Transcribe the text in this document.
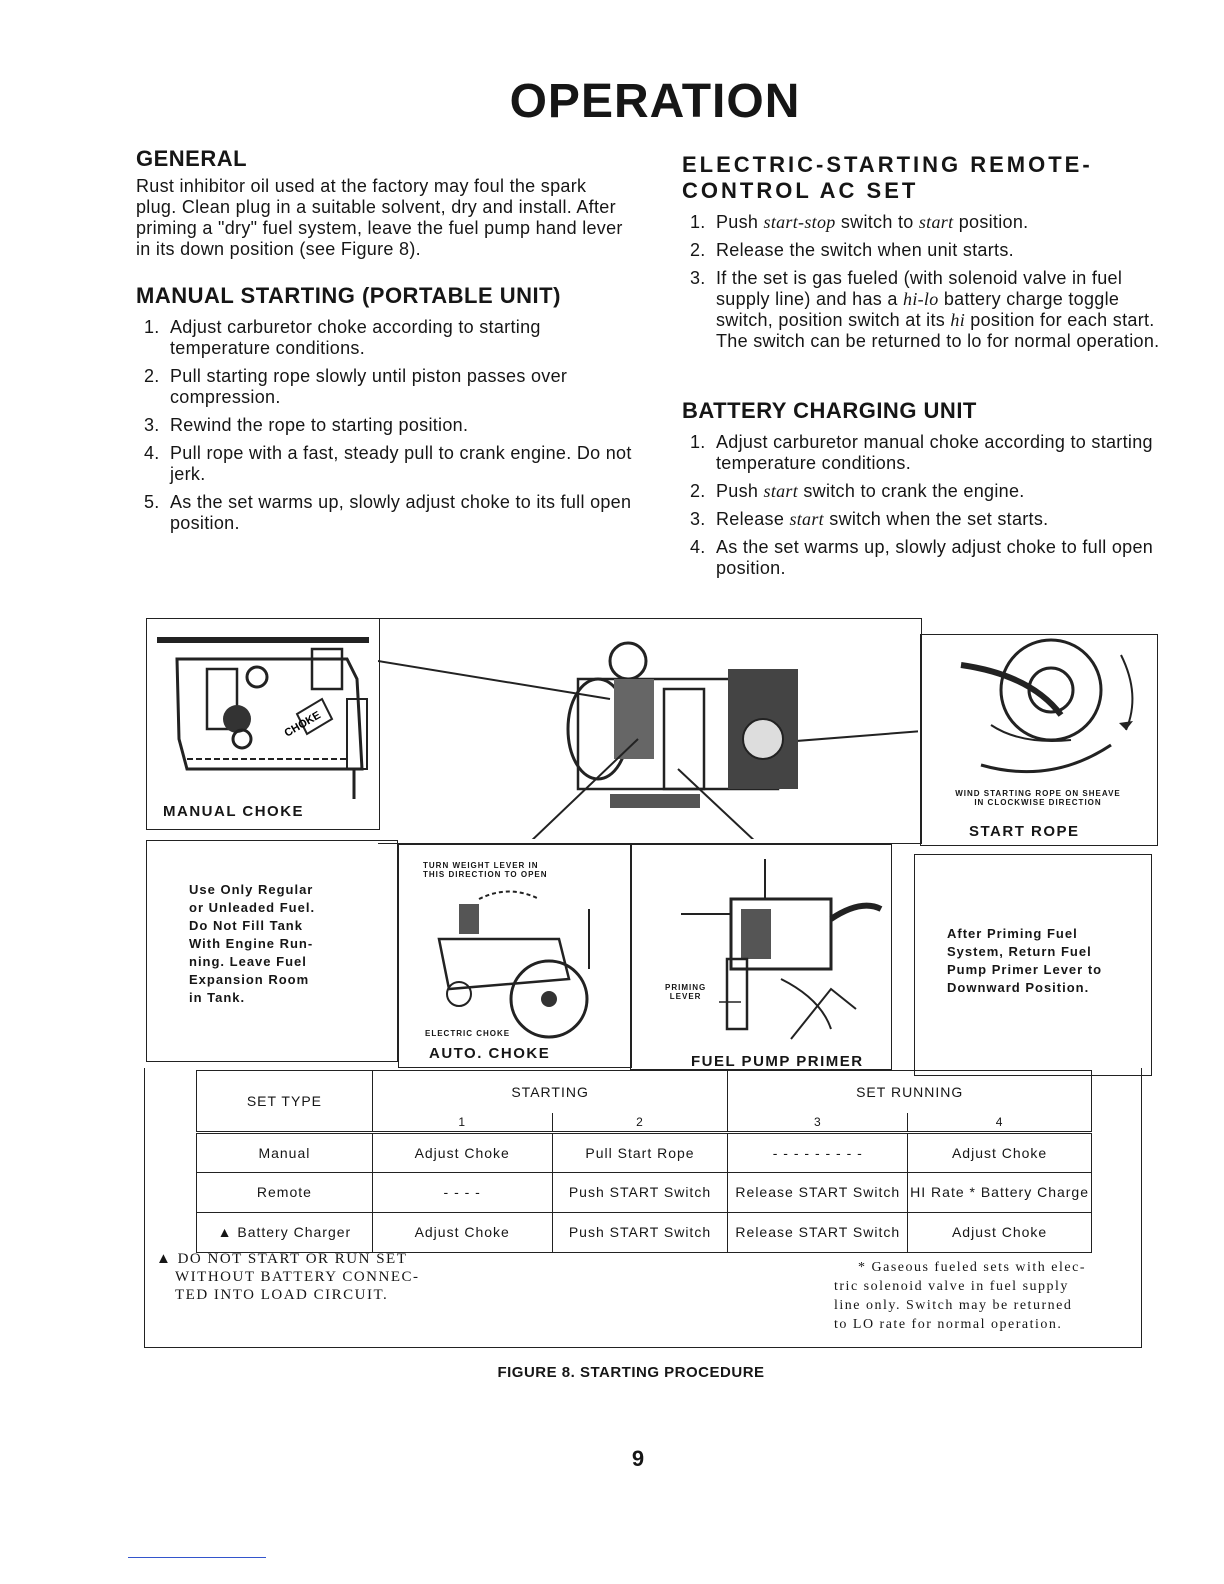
OPERATION
GENERAL

Rust inhibitor oil used at the factory may foul the spark plug. Clean plug in a suitable solvent, dry and install. After priming a "dry" fuel system, leave the fuel pump hand lever in its down position (see Figure 8).

MANUAL STARTING (PORTABLE UNIT)
1. Adjust carburetor choke according to starting temperature conditions.
2. Pull starting rope slowly until piston passes over compression.
3. Rewind the rope to starting position.
4. Pull rope with a fast, steady pull to crank engine. Do not jerk.
5. As the set warms up, slowly adjust choke to its full open position.
ELECTRIC-STARTING REMOTE-
CONTROL AC SET
1. Push start-stop switch to start position.
2. Release the switch when unit starts.
3. If the set is gas fueled (with solenoid valve in fuel supply line) and has a hi-lo battery charge toggle switch, position switch at its hi position for each start. The switch can be returned to lo for normal operation.
BATTERY CHARGING UNIT
1. Adjust carburetor manual choke according to starting temperature conditions.
2. Push start switch to crank the engine.
3. Release start switch when the set starts.
4. As the set warms up, slowly adjust choke to full open position.
CHOKE
MANUAL CHOKE
WIND STARTING ROPE ON SHEAVE
IN CLOCKWISE DIRECTION
START ROPE
Use Only Regular
or Unleaded Fuel.
Do Not Fill Tank
With Engine Run-
ning. Leave Fuel
Expansion Room
in Tank.
TURN WEIGHT LEVER IN
THIS DIRECTION TO OPEN
ELECTRIC CHOKE
AUTO. CHOKE
PRIMING
LEVER
FUEL PUMP PRIMER
After Priming Fuel
System, Return Fuel
Pump Primer Lever to
Downward Position.
SET TYPE	STARTING		SET RUNNING	
	1	2	3	4
Manual	Adjust Choke	Pull Start Rope	- - - - - - - - -	Adjust Choke
Remote	- - - -	Push START Switch	Release START Switch	HI Rate * Battery Charge
▲ Battery Charger	Adjust Choke	Push START Switch	Release START Switch	Adjust Choke
▲ DO NOT START OR RUN SET
WITHOUT BATTERY CONNEC-
TED INTO LOAD CIRCUIT.
* Gaseous fueled sets with elec-
tric solenoid valve in fuel supply
line only. Switch may be returned
to LO rate for normal operation.
FIGURE 8. STARTING PROCEDURE
9
